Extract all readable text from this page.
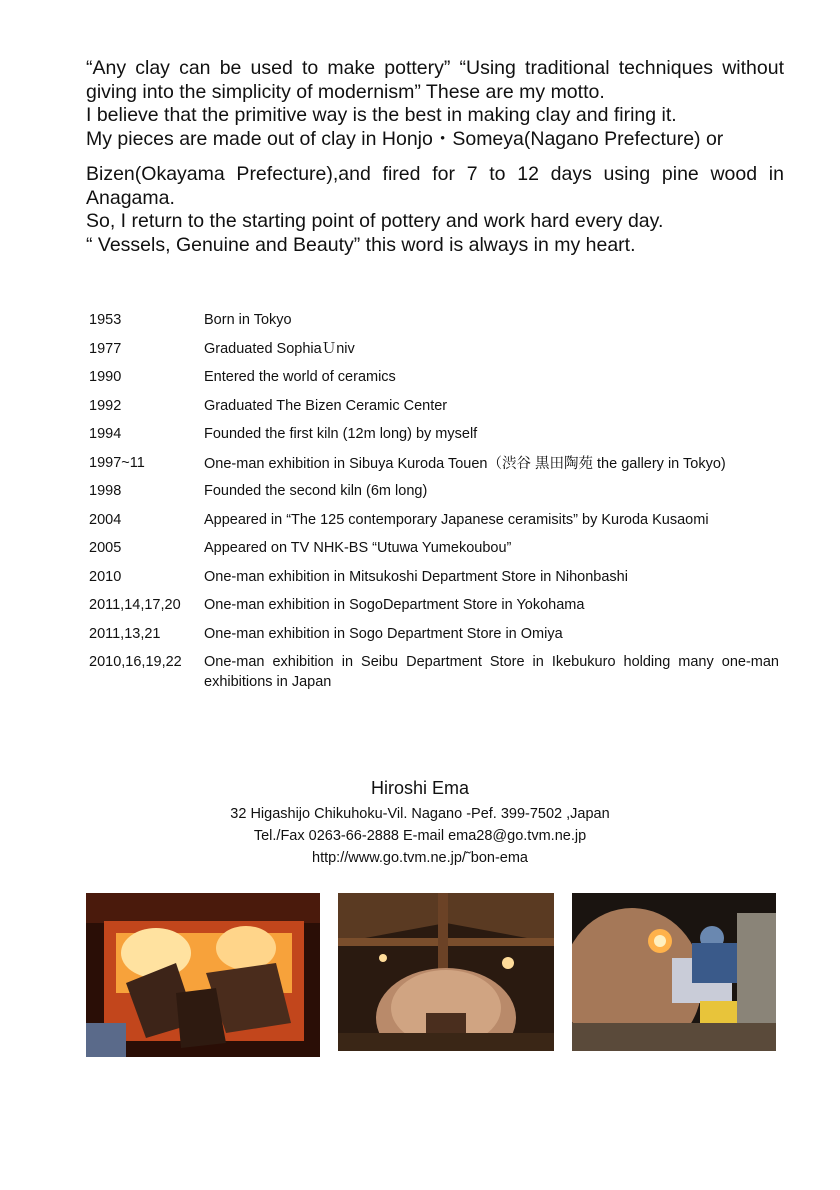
“Any clay can be used to make pottery” “Using traditional techniques without giving into the simplicity of modernism” These are my motto.

I believe that the primitive way is the best in making clay and firing it.

My pieces are made out of clay in Honjo・Someya(Nagano Prefecture) or

Bizen(Okayama Prefecture),and fired for 7 to 12 days using pine wood in Anagama.

So, I return to the starting point of pottery and work hard every day.

“ Vessels, Genuine and Beauty” this word is always in my heart.

1953	Born in Tokyo
1977	Graduated SophiaＵniv
1990	Entered the world of ceramics
1992	Graduated The Bizen Ceramic Center
1994	Founded the first kiln (12m long) by myself
1997~11	One-man exhibition in Sibuya Kuroda Touen（渋谷 黒田陶苑 the gallery in Tokyo)
1998	Founded the second kiln (6m long)
2004	Appeared in “The 125 contemporary Japanese ceramisits” by Kuroda Kusaomi
2005	Appeared on TV NHK-BS “Utuwa Yumekoubou”
2010	One-man exhibition in Mitsukoshi Department Store in Nihonbashi
2011,14,17,20	One-man exhibition in SogoDepartment Store in Yokohama
2011,13,21	One-man exhibition in Sogo Department Store in Omiya
2010,16,19,22	One-man exhibition in Seibu Department Store in Ikebukuro holding many one-man exhibitions in Japan
Hiroshi Ema
32 Higashijo Chikuhoku-Vil. Nagano -Pef. 399-7502 ,Japan
Tel./Fax 0263-66-2888 E-mail ema28@go.tvm.ne.jp
http://www.go.tvm.ne.jp/˜bon-ema
